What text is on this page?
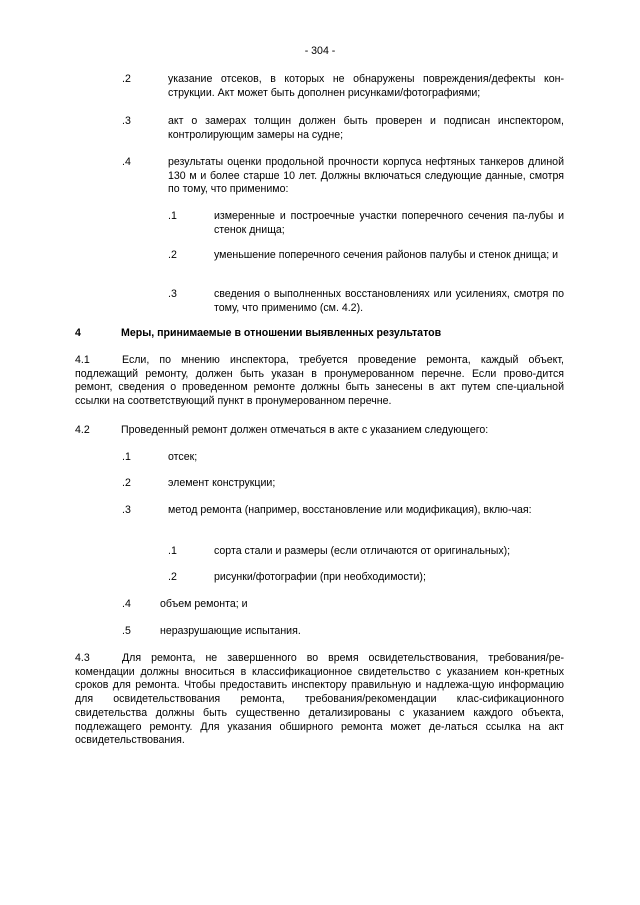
- 304 -
.2	указание отсеков, в которых не обнаружены повреждения/дефекты кон-струкции. Акт может быть дополнен рисунками/фотографиями;
.3	акт о замерах толщин должен быть проверен и подписан инспектором, контролирующим замеры на судне;
.4	результаты оценки продольной прочности корпуса нефтяных танкеров длиной 130 м и более старше 10 лет. Должны включаться следующие данные, смотря по тому, что применимо:
.1	измеренные и построечные участки поперечного сечения па-лубы и стенок днища;
.2	уменьшение поперечного сечения районов палубы и стенок днища; и
.3	сведения о выполненных восстановлениях или усилениях, смотря по тому, что применимо (см. 4.2).
4	Меры, принимаемые в отношении выявленных результатов
4.1	Если, по мнению инспектора, требуется проведение ремонта, каждый объект, подлежащий ремонту, должен быть указан в пронумерованном перечне. Если прово-дится ремонт, сведения о проведенном ремонте должны быть занесены в акт путем спе-циальной ссылки на соответствующий пункт в пронумерованном перечне.
4.2	Проведенный ремонт должен отмечаться в акте с указанием следующего:
.1	отсек;
.2	элемент конструкции;
.3	метод ремонта (например, восстановление или модификация), вклю-чая:
.1	сорта стали и размеры (если отличаются от оригинальных);
.2	рисунки/фотографии (при необходимости);
.4	объем ремонта; и
.5	неразрушающие испытания.
4.3	Для ремонта, не завершенного во время освидетельствования, требования/ре-комендации должны вноситься в классификационное свидетельство с указанием кон-кретных сроков для ремонта. Чтобы предоставить инспектору правильную и надлежа-щую информацию для освидетельствования ремонта, требования/рекомендации клас-сификационного свидетельства должны быть существенно детализированы с указанием каждого объекта, подлежащего ремонту. Для указания обширного ремонта может де-латься ссылка на акт освидетельствования.
